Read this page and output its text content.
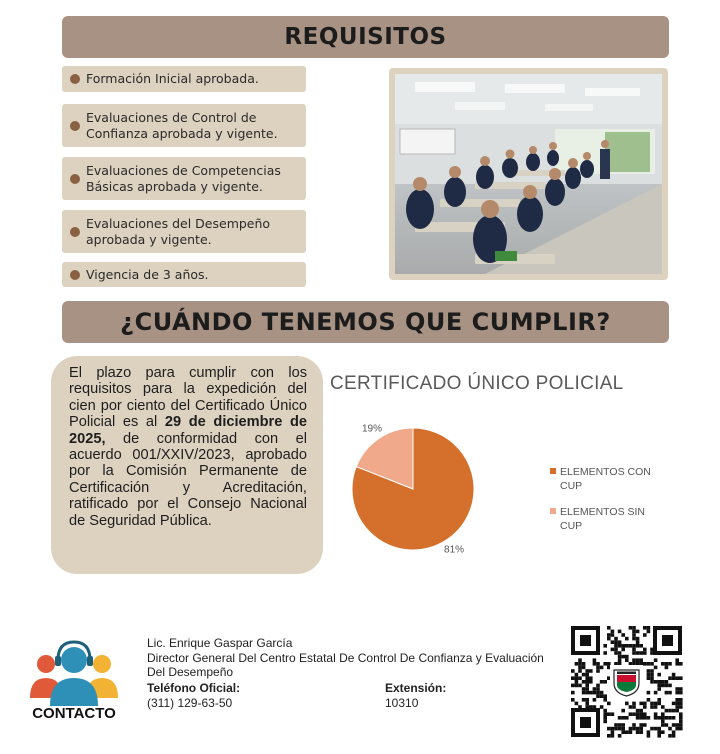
REQUISITOS
Formación Inicial aprobada.
Evaluaciones de Control de Confianza aprobada y vigente.
Evaluaciones de Competencias Básicas aprobada y vigente.
Evaluaciones del Desempeño aprobada y vigente.
Vigencia de 3 años.
¿CUÁNDO TENEMOS QUE CUMPLIR?

El plazo para cumplir con los requisitos para la expedición del cien por ciento del Certificado Único Policial es al 29 de diciembre de 2025, de conformidad con el acuerdo 001/XXIV/2023, aprobado por la Comisión Permanente de Certificación y Acreditación, ratificado por el Consejo Nacional de Seguridad Pública.

CERTIFICADO ÚNICO POLICIAL
81%
19%
ELEMENTOS CON CUP
ELEMENTOS SIN CUP
CONTACTO
Lic. Enrique Gaspar García
Director General Del Centro Estatal De Control De Confianza y Evaluación Del Desempeño
Teléfono Oficial:
(311) 129-63-50
Extensión:
10310
